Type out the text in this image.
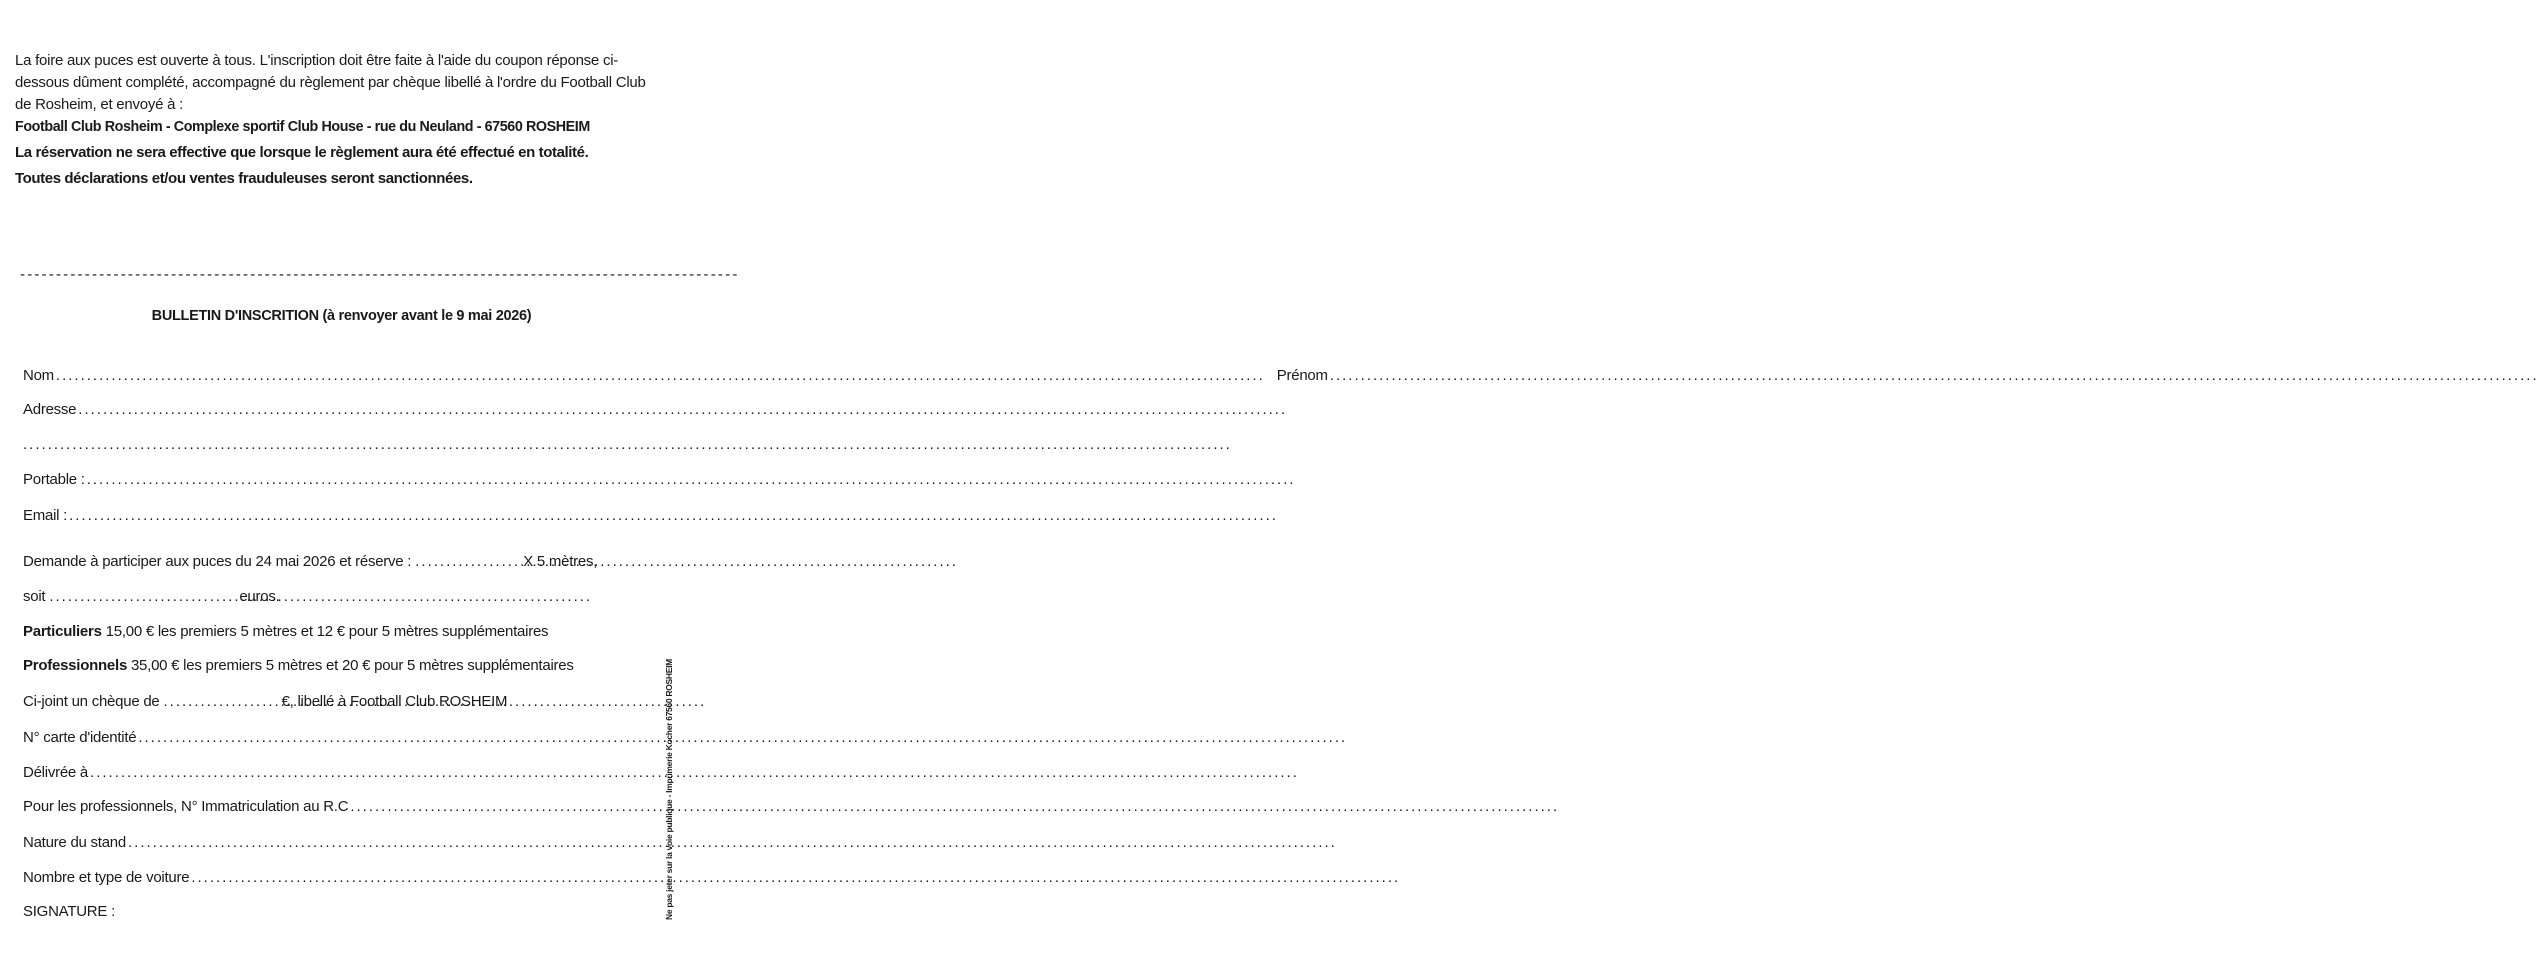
La foire aux puces est ouverte à tous. L'inscription doit être faite à l'aide du coupon réponse ci-dessous dûment complété, accompagné du règlement par chèque libellé à l'ordre du Football Club de Rosheim, et envoyé à :

Football Club Rosheim - Complexe sportif Club House - rue du Neuland - 67560 ROSHEIM

La réservation ne sera effective que lorsque le règlement aura été effectué en totalité.

Toutes déclarations et/ou ventes frauduleuses seront sanctionnées.

----------------------------------------------------------------------------------------------------
BULLETIN D'INSCRITION (à renvoyer avant le 9 mai 2026)
Nom .....	Prénom
.....
Adresse
.....
.....
Portable :
.....
Email :
.....
Demande à participer aux puces du 24 mai 2026 et réserve : .....	X 5 mètres,
soit .....	euros.
Particuliers
15,00 € les premiers 5 mètres et 12 € pour 5 mètres supplémentaires
Professionnels
35,00 € les premiers 5 mètres et 20 € pour 5 mètres supplémentaires
Ci-joint un chèque de .....	€, libellé à Football Club ROSHEIM
N° carte d'identité
.....
Délivrée à
.....
Pour les professionnels, N° Immatriculation au R.C
.....
Nature du stand
.....
Nombre et type de voiture
.....
SIGNATURE :	Ne pas jeter sur la voie publique - Imprimerie Kocher 67560 ROSHEIM
